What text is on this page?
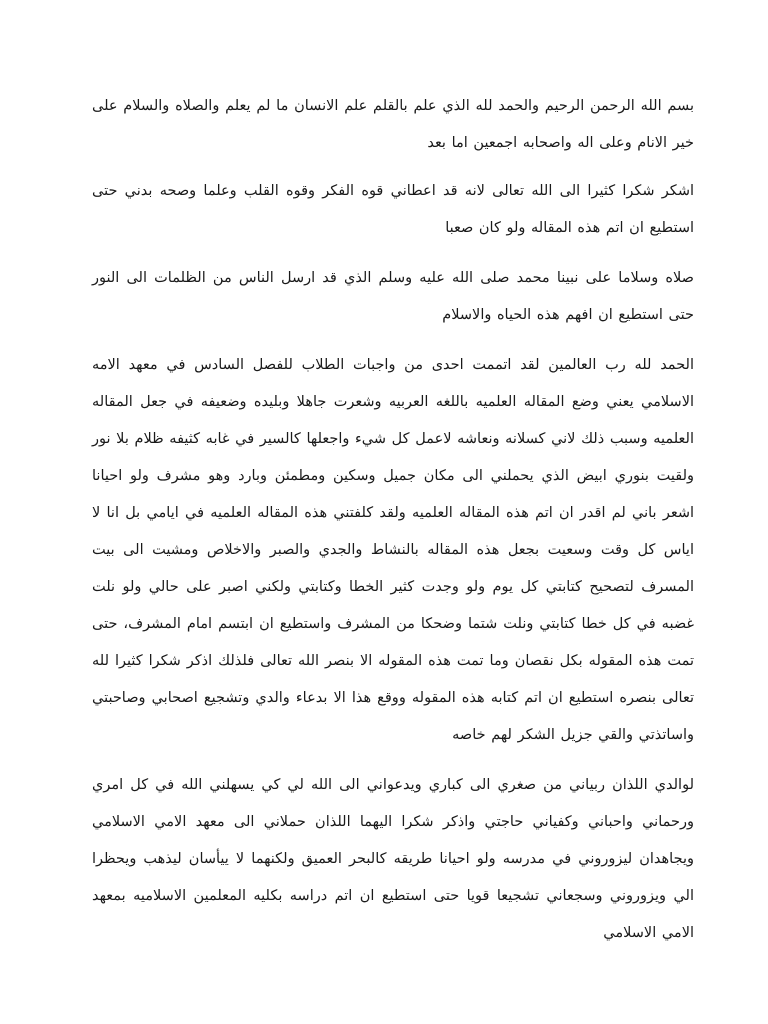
بسم الله الرحمن الرحيم والحمد لله الذي علم بالقلم علم الانسان ما لم يعلم والصلاه والسلام على خير الانام وعلى اله واصحابه اجمعين اما بعد

اشكر شكرا كثيرا الى الله تعالى لانه قد اعطاني قوه الفكر وقوه القلب وعلما وصحه بدني حتى استطيع ان اتم هذه المقاله ولو كان صعبا

صلاه وسلاما على نبينا محمد صلى الله عليه وسلم الذي قد ارسل الناس من الظلمات الى النور حتى استطيع ان افهم هذه الحياه والاسلام

الحمد لله رب العالمين لقد اتممت احدى من واجبات الطلاب للفصل السادس في معهد الامه الاسلامي يعني وضع المقاله العلميه باللغه العربيه وشعرت جاهلا وبليده وضعيفه في جعل المقاله العلميه وسبب ذلك لاني كسلانه ونعاشه لاعمل كل شيء واجعلها كالسير في غابه كثيفه ظلام بلا نور ولقيت بنوري ابيض الذي يحملني الى مكان جميل وسكين ومطمئن وبارد وهو مشرف ولو احيانا اشعر باني لم اقدر ان اتم هذه المقاله العلميه ولقد كلفتني هذه المقاله العلميه في ايامي بل انا لا اياس كل وقت وسعيت بجعل هذه المقاله بالنشاط والجدي والصبر والاخلاص ومشيت الى بيت المسرف لتصحيح كتابتي كل يوم ولو وجدت كثير الخطا وكتابتي ولكني اصبر على حالي ولو نلت غضبه في كل خطا كتابتي ونلت شتما وضحكا من المشرف واستطيع ان ابتسم امام المشرف، حتى تمت هذه المقوله بكل نقصان وما تمت هذه المقوله الا بنصر الله تعالى فلذلك اذكر شكرا كثيرا لله تعالى بنصره استطيع ان اتم كتابه هذه المقوله ووقع هذا الا بدعاء والدي وتشجيع اصحابي وصاحبتي واساتذتي والقي جزيل الشكر لهم خاصه

لوالدي اللذان ربياني من صغري الى كباري ويدعواني الى الله لي كي يسهلني الله في كل امري ورحماني واحباني وكفياني حاجتي واذكر شكرا اليهما اللذان حملاني الى معهد الامي الاسلامي ويجاهدان ليزوروني في مدرسه ولو احيانا طريقه كالبحر العميق ولكنهما لا ييأسان ليذهب ويحظرا الي ويزوروني وسجعاني تشجيعا قويا حتى استطيع ان اتم دراسه بكليه المعلمين الاسلاميه بمعهد الامي الاسلامي
